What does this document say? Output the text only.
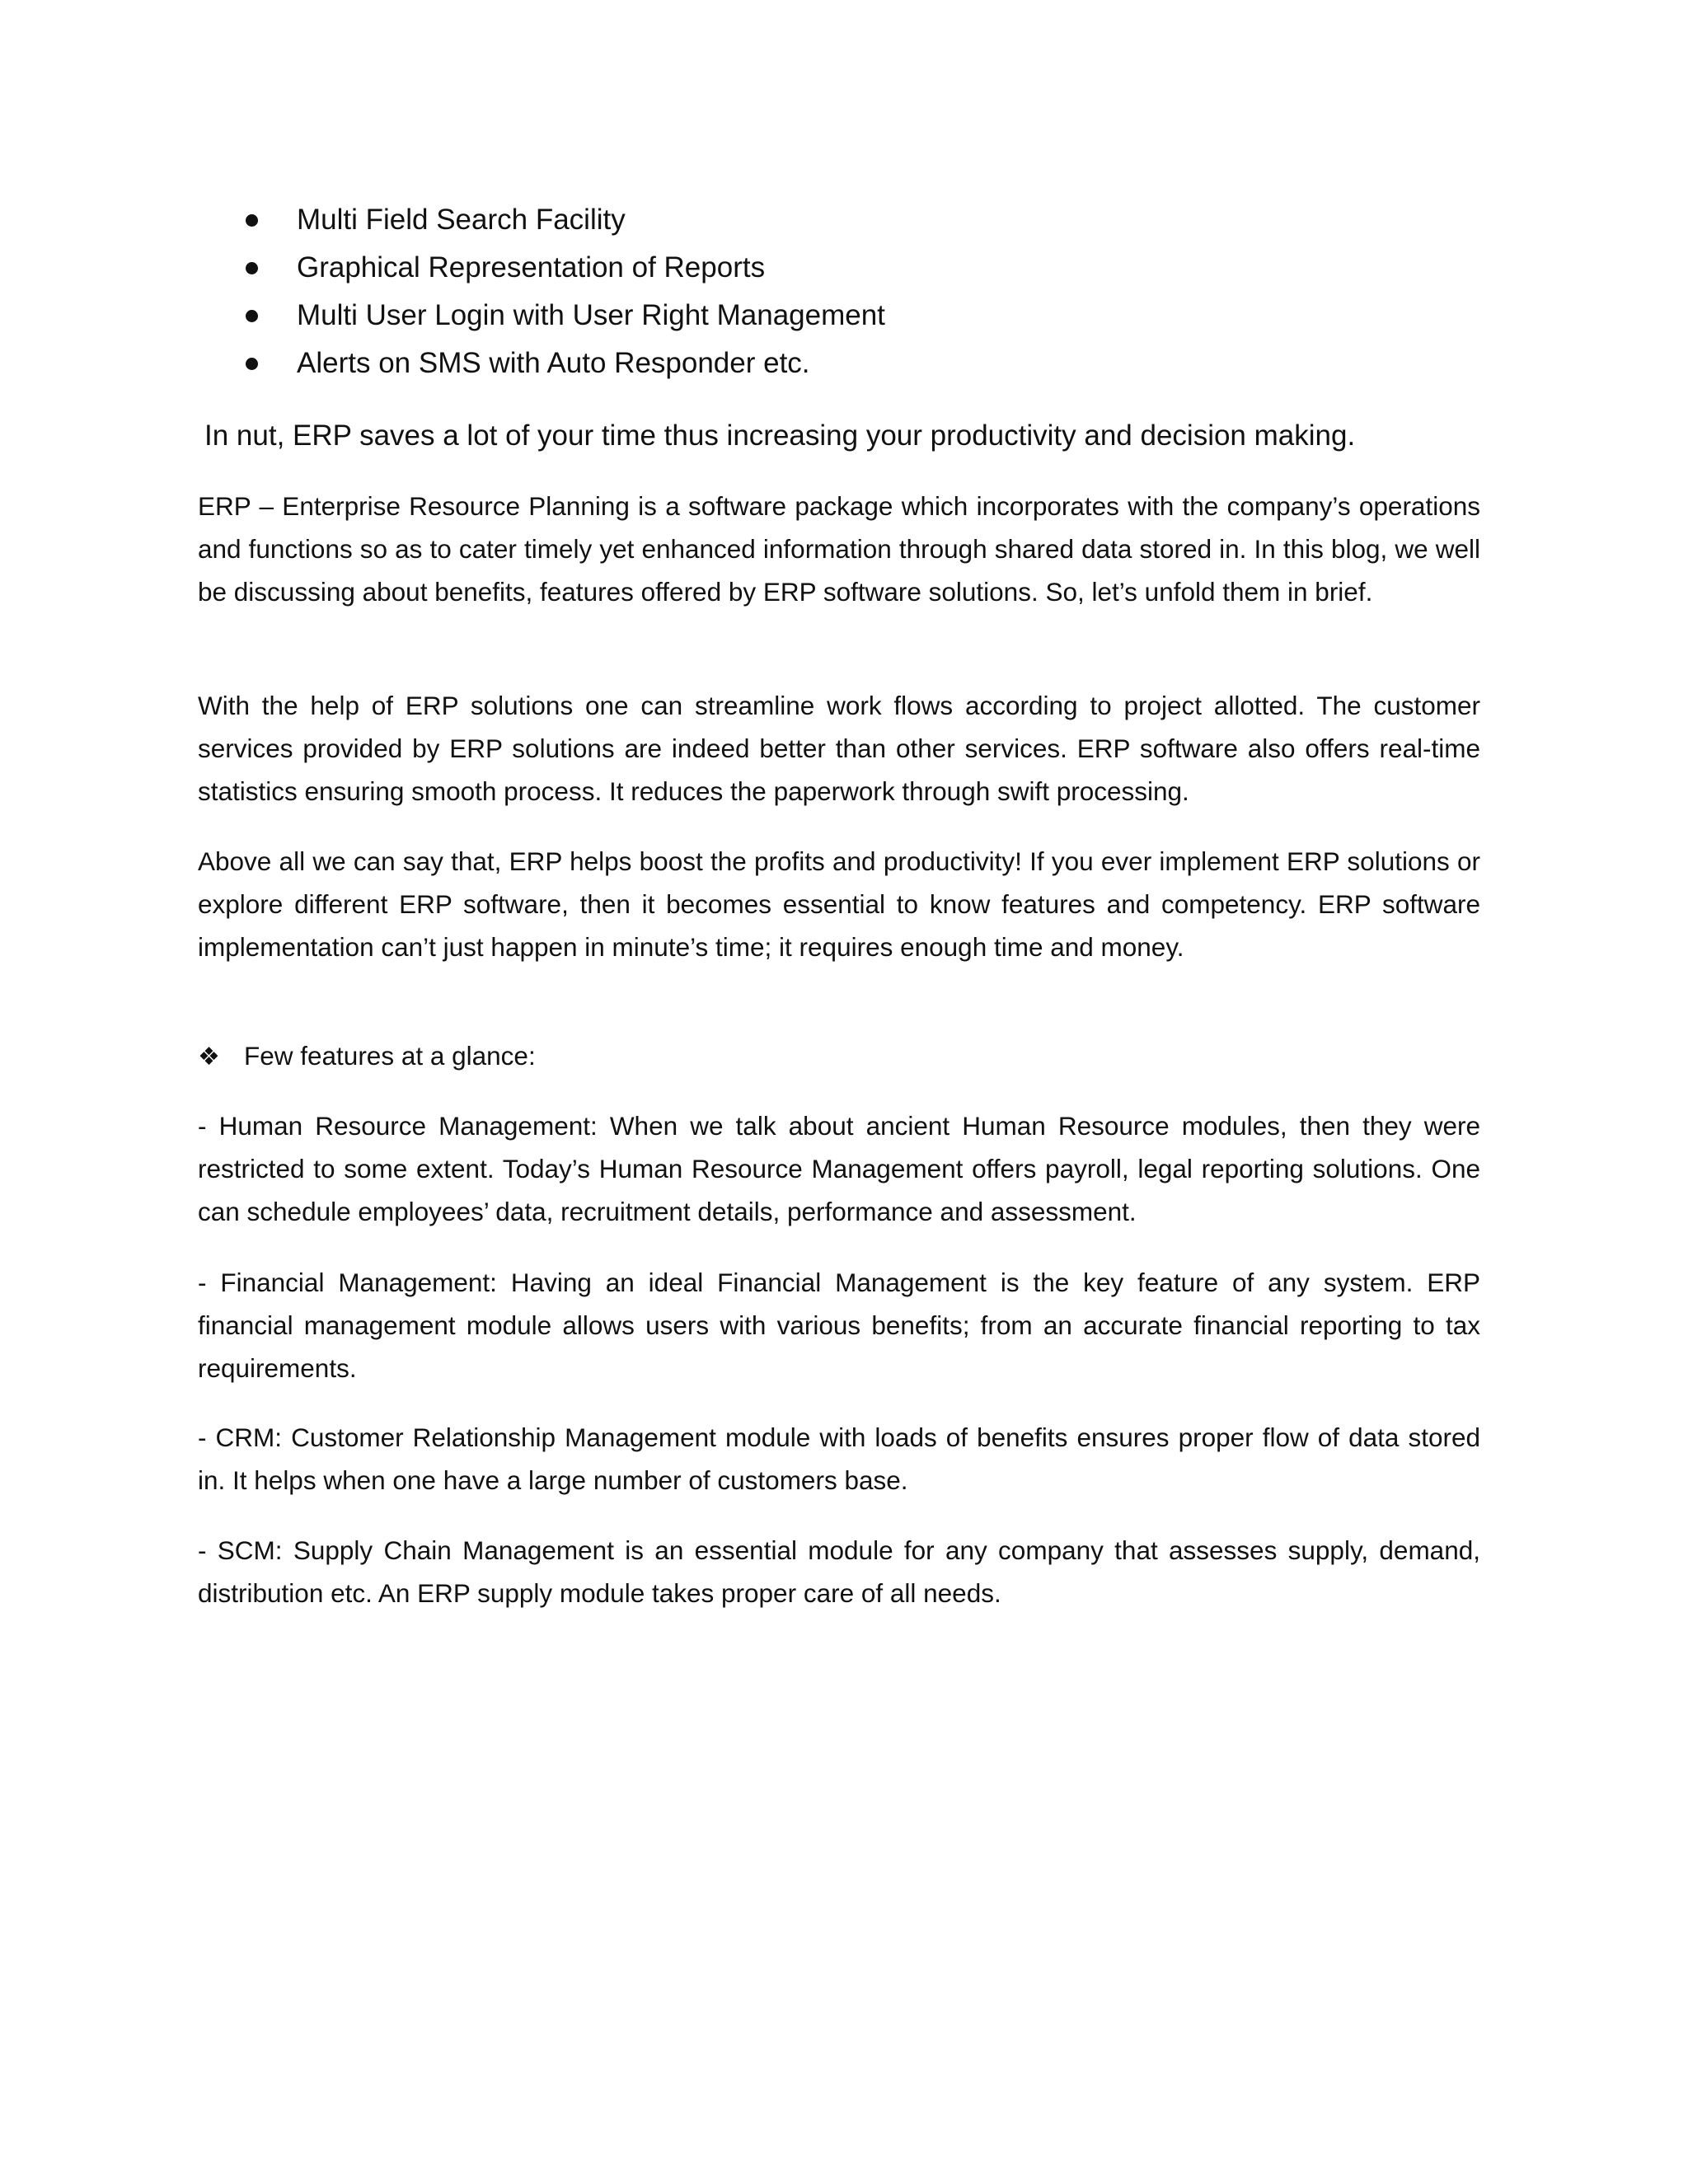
Multi Field Search Facility
Graphical Representation of Reports
Multi User Login with User Right Management
Alerts on SMS with Auto Responder etc.

In nut, ERP saves a lot of your time thus increasing your productivity and decision making.

ERP – Enterprise Resource Planning is a software package which incorporates with the company’s operations and functions so as to cater timely yet enhanced information through shared data stored in. In this blog, we well be discussing about benefits, features offered by ERP software solutions. So, let’s unfold them in brief.

With the help of ERP solutions one can streamline work flows according to project allotted. The customer services provided by ERP solutions are indeed better than other services. ERP software also offers real-time statistics ensuring smooth process. It reduces the paperwork through swift processing.

Above all we can say that, ERP helps boost the profits and productivity! If you ever implement ERP solutions or explore different ERP software, then it becomes essential to know features and competency. ERP software implementation can’t just happen in minute’s time; it requires enough time and money.

❖ Few features at a glance:

- Human Resource Management: When we talk about ancient Human Resource modules, then they were restricted to some extent. Today’s Human Resource Management offers payroll, legal reporting solutions. One can schedule employees’ data, recruitment details, performance and assessment.

- Financial Management: Having an ideal Financial Management is the key feature of any system. ERP financial management module allows users with various benefits; from an accurate financial reporting to tax requirements.

- CRM: Customer Relationship Management module with loads of benefits ensures proper flow of data stored in. It helps when one have a large number of customers base.

- SCM: Supply Chain Management is an essential module for any company that assesses supply, demand, distribution etc. An ERP supply module takes proper care of all needs.
